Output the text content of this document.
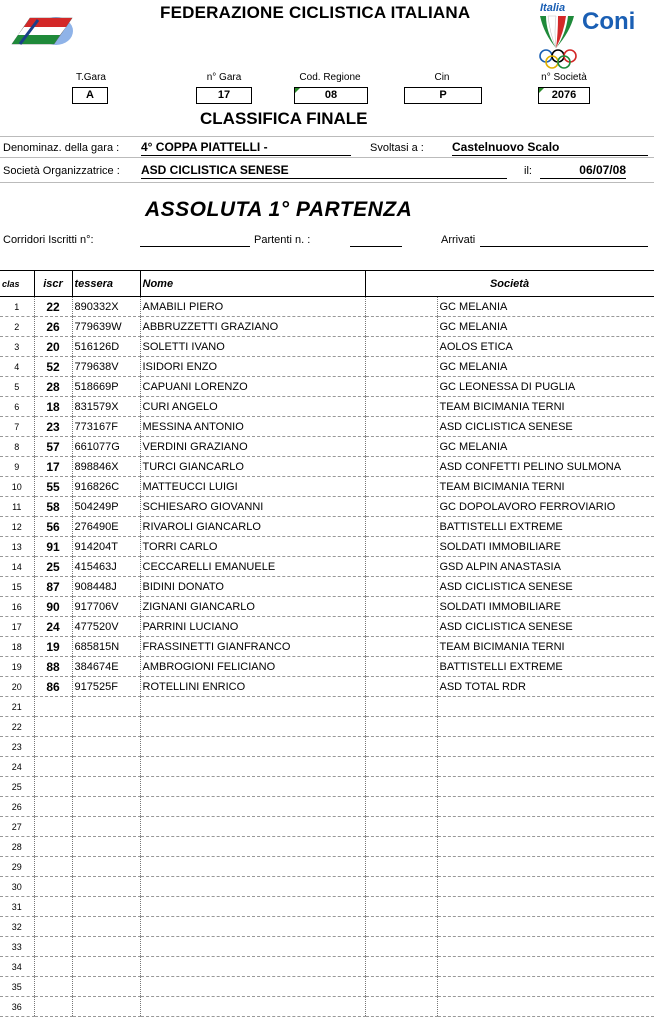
FEDERAZIONE CICLISTICA ITALIANA	Italia Coni
T.Gara
A
n° Gara
17
Cod. Regione
08
Cin
P
n° Società
2076
CLASSIFICA FINALE
Denominaz. della gara : 4° COPPA PIATTELLI -	Svoltasi a : Castelnuovo Scalo
Società Organizzatrice : ASD CICLISTICA SENESE	il:	06/07/08
ASSOLUTA 1° PARTENZA
Corridori Iscritti n°:	Partenti n. :	Arrivati
clas	iscr	tessera	Nome	Società	
1	22	890332X	AMABILI PIERO		GC MELANIA
2	26	779639W	ABBRUZZETTI GRAZIANO		GC MELANIA
3	20	516126D	SOLETTI IVANO		AOLOS ETICA
4	52	779638V	ISIDORI ENZO		GC MELANIA
5	28	518669P	CAPUANI LORENZO		GC LEONESSA DI PUGLIA
6	18	831579X	CURI ANGELO		TEAM BICIMANIA TERNI
7	23	773167F	MESSINA ANTONIO		ASD CICLISTICA SENESE
8	57	661077G	VERDINI GRAZIANO		GC MELANIA
9	17	898846X	TURCI GIANCARLO		ASD CONFETTI PELINO SULMONA
10	55	916826C	MATTEUCCI LUIGI		TEAM BICIMANIA TERNI
11	58	504249P	SCHIESARO GIOVANNI		GC DOPOLAVORO FERROVIARIO
12	56	276490E	RIVAROLI GIANCARLO		BATTISTELLI EXTREME
13	91	914204T	TORRI CARLO		SOLDATI IMMOBILIARE
14	25	415463J	CECCARELLI EMANUELE		GSD ALPIN ANASTASIA
15	87	908448J	BIDINI DONATO		ASD CICLISTICA SENESE
16	90	917706V	ZIGNANI GIANCARLO		SOLDATI IMMOBILIARE
17	24	477520V	PARRINI LUCIANO		ASD CICLISTICA SENESE
18	19	685815N	FRASSINETTI GIANFRANCO		TEAM BICIMANIA TERNI
19	88	384674E	AMBROGIONI FELICIANO		BATTISTELLI EXTREME
20	86	917525F	ROTELLINI ENRICO		ASD TOTAL RDR
21					
22					
23					
24					
25					
26					
27					
28					
29					
30					
31					
32					
33					
34					
35					
36					
